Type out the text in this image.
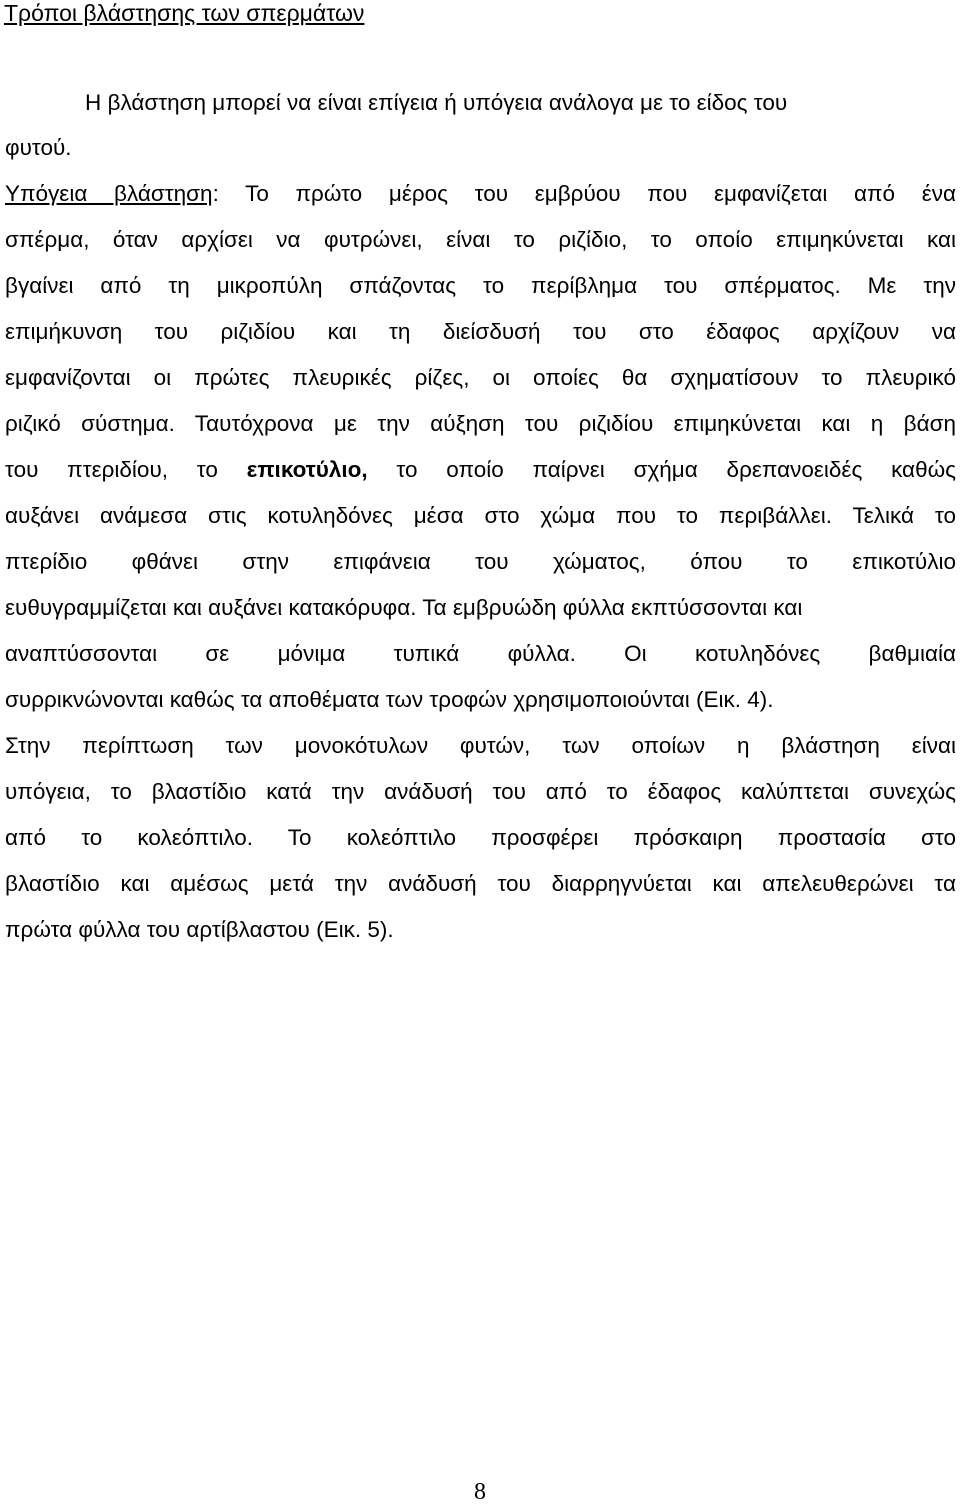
Τρόποι βλάστησης των σπερμάτων
Η βλάστηση μπορεί να είναι επίγεια ή υπόγεια ανάλογα με το είδος του
φυτού.
Υπόγεια βλάστηση: Το πρώτο μέρος του εμβρύου που εμφανίζεται από ένα
σπέρμα, όταν αρχίσει να φυτρώνει, είναι το ριζίδιο, το οποίο επιμηκύνεται και
βγαίνει από τη μικροπύλη σπάζοντας το περίβλημα του σπέρματος. Με την
επιμήκυνση του ριζιδίου και τη διείσδυσή του στο έδαφος αρχίζουν να
εμφανίζονται οι πρώτες πλευρικές ρίζες, οι οποίες θα σχηματίσουν το πλευρικό
ριζικό σύστημα. Ταυτόχρονα με την αύξηση του ριζιδίου επιμηκύνεται και η βάση
του πτεριδίου, το επικοτύλιο, το οποίο παίρνει σχήμα δρεπανοειδές καθώς
αυξάνει ανάμεσα στις κοτυληδόνες μέσα στο χώμα που το περιβάλλει. Τελικά το
πτερίδιο φθάνει στην επιφάνεια του χώματος, όπου το επικοτύλιο
ευθυγραμμίζεται και αυξάνει κατακόρυφα. Τα εμβρυώδη φύλλα εκπτύσσονται και
αναπτύσσονται σε μόνιμα τυπικά φύλλα. Οι κοτυληδόνες βαθμιαία
συρρικνώνονται καθώς τα αποθέματα των τροφών χρησιμοποιούνται (Εικ. 4).
Στην περίπτωση των μονοκότυλων φυτών, των οποίων η βλάστηση είναι
υπόγεια, το βλαστίδιο κατά την ανάδυσή του από το έδαφος καλύπτεται συνεχώς
από το κολεόπτιλο. Το κολεόπτιλο προσφέρει πρόσκαιρη προστασία στο
βλαστίδιο και αμέσως μετά την ανάδυσή του διαρρηγνύεται και απελευθερώνει τα
πρώτα φύλλα του αρτίβλαστου (Εικ. 5).
8
